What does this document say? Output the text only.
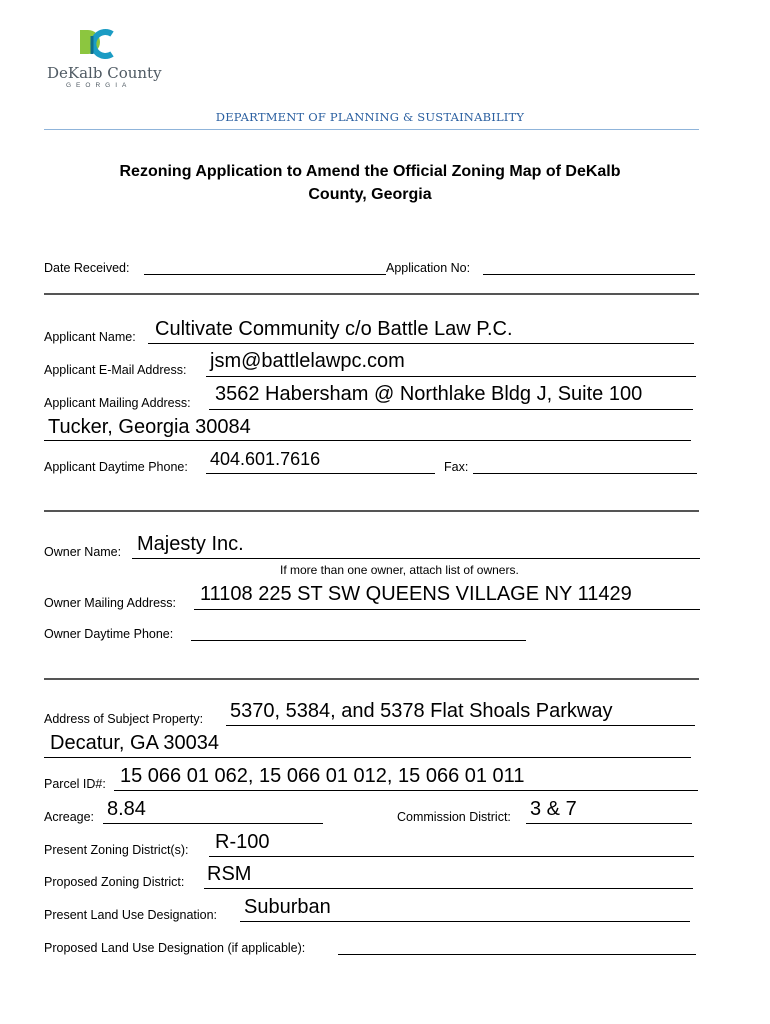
DeKalb County
GEORGIA
DEPARTMENT OF PLANNING & SUSTAINABILITY
Rezoning Application to Amend the Official Zoning Map of DeKalb
County, Georgia
Date Received:	Application No:
Applicant Name: Cultivate Community c/o Battle Law P.C.
Applicant E-Mail Address: jsm@battlelawpc.com
Applicant Mailing Address: 3562 Habersham @ Northlake Bldg J, Suite 100
Tucker, Georgia 30084
Applicant Daytime Phone: 404.601.7616	Fax:
Owner Name: Majesty Inc.
If more than one owner, attach list of owners.
Owner Mailing Address: 11108 225 ST SW QUEENS VILLAGE NY 11429
Owner Daytime Phone:
Address of Subject Property: 5370, 5384, and 5378 Flat Shoals Parkway
Decatur, GA 30034
Parcel ID#: 15 066 01 062, 15 066 01 012, 15 066 01 011
Acreage: 8.84	Commission District: 3 & 7
Present Zoning District(s): R-100
Proposed Zoning District: RSM
Present Land Use Designation: Suburban
Proposed Land Use Designation (if applicable):
